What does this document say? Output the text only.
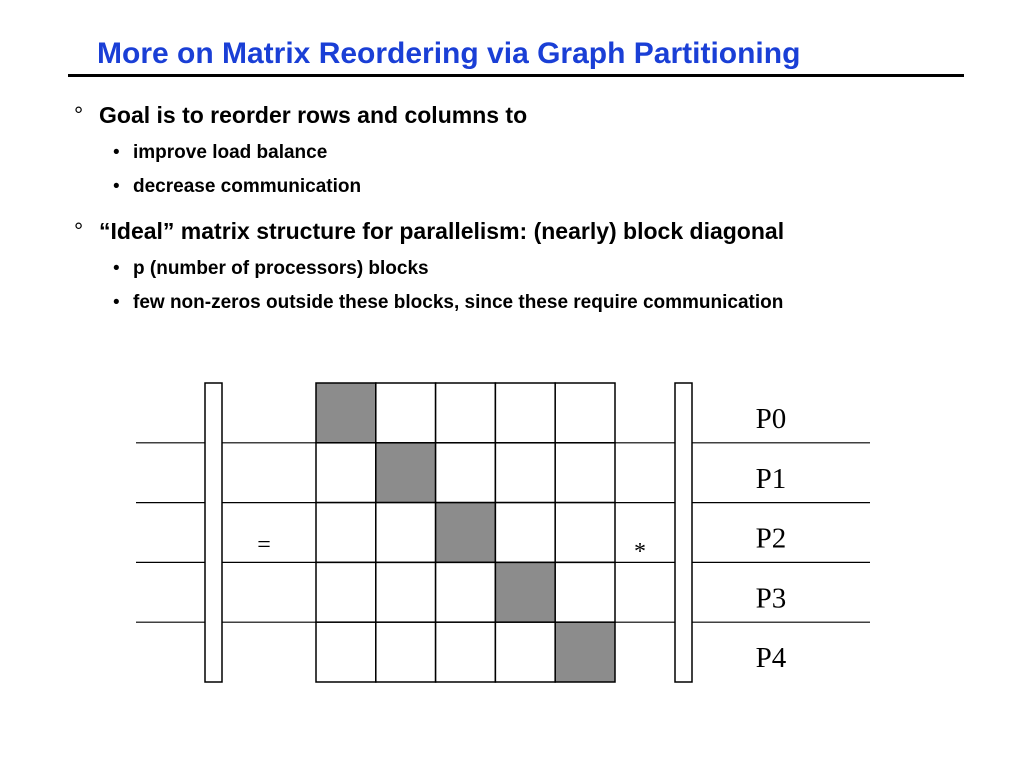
More on Matrix Reordering via Graph Partitioning
° Goal is to reorder rows and columns to
• improve load balance
• decrease communication
° “Ideal” matrix structure for parallelism: (nearly) block diagonal
• p (number of processors) blocks
• few non-zeros outside these blocks, since these require communication
=	*
P0
P1
P2
P3
P4
